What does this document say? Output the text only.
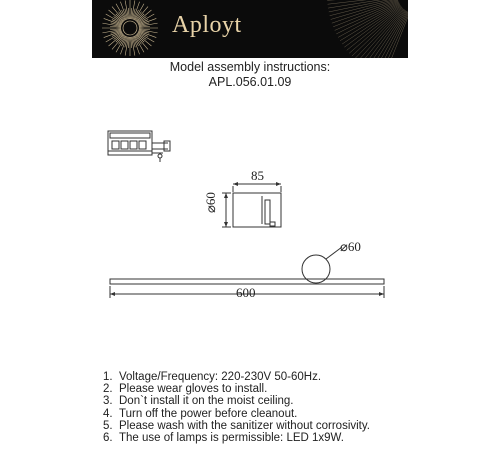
Aployt
Model assembly instructions:
APL.056.01.09
85
⌀60
⌀60
600
1. Voltage/Frequency: 220-230V 50-60Hz.
2. Please wear gloves to install.
3. Don`t install it on the moist ceiling.
4. Turn off the power before cleanout.
5. Please wash with the sanitizer without corrosivity.
6. The use of lamps is permissible: LED 1x9W.
